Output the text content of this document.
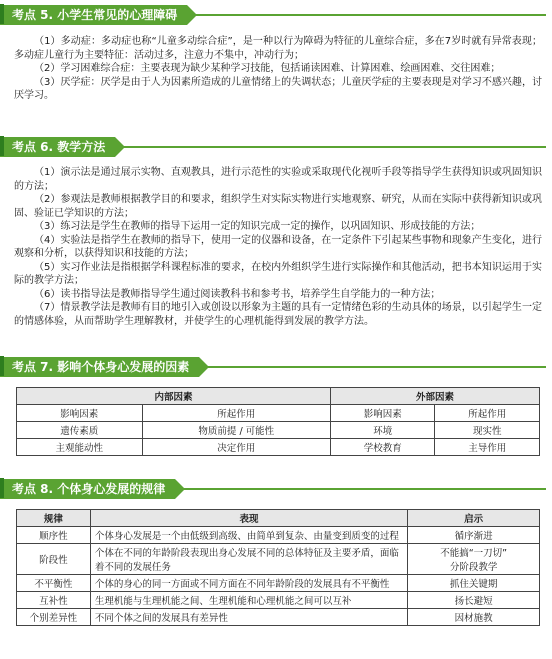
考点 5. 小学生常见的心理障碍

（1）多动症：多动症也称“儿童多动综合症”，是一种以行为障碍为特征的儿童综合症，多在7岁时就有异常表现；多动症儿童行为主要特征：活动过多，注意力不集中，冲动行为；

（2）学习困难综合症：主要表现为缺少某种学习技能，包括诵读困难、计算困难、绘画困难、交往困难；

（3）厌学症：厌学是由于人为因素所造成的儿童情绪上的失调状态；儿童厌学症的主要表现是对学习不感兴趣，讨厌学习。

考点 6. 教学方法

（1）演示法是通过展示实物、直观教具，进行示范性的实验或采取现代化视听手段等指导学生获得知识或巩固知识的方法；

（2）参观法是教师根据教学目的和要求，组织学生对实际实物进行实地观察、研究，从而在实际中获得新知识或巩固、验证已学知识的方法；

（3）练习法是学生在教师的指导下运用一定的知识完成一定的操作，以巩固知识、形成技能的方法；

（4）实验法是指学生在教师的指导下，使用一定的仪器和设备，在一定条件下引起某些事物和现象产生变化，进行观察和分析，以获得知识和技能的方法；

（5）实习作业法是指根据学科课程标准的要求，在校内外组织学生进行实际操作和其他活动，把书本知识运用于实际的教学方法；

（6）读书指导法是教师指导学生通过阅读教科书和参考书，培养学生自学能力的一种方法；

（7）情景教学法是教师有目的地引入或创设以形象为主题的具有一定情绪色彩的生动具体的场景，以引起学生一定的情感体验，从而帮助学生理解教材，并使学生的心理机能得到发展的教学方法。

考点 7. 影响个体身心发展的因素
内部因素		外部因素	
影响因素	所起作用	影响因素	所起作用
遗传素质	物质前提 / 可能性	环境	现实性
主观能动性	决定作用	学校教育	主导作用
考点 8. 个体身心发展的规律
规律	表现	启示
顺序性	个体身心发展是一个由低级到高级、由简单到复杂、由量变到质变的过程	循序渐进
阶段性	个体在不同的年龄阶段表现出身心发展不同的总体特征及主要矛盾，面临着不同的发展任务	不能搞“一刀切”
分阶段教学
不平衡性	个体的身心的同一方面或不同方面在不同年龄阶段的发展具有不平衡性	抓住关键期
互补性	生理机能与生理机能之间、生理机能和心理机能之间可以互补	扬长避短
个别差异性	不同个体之间的发展具有差异性	因材施教
